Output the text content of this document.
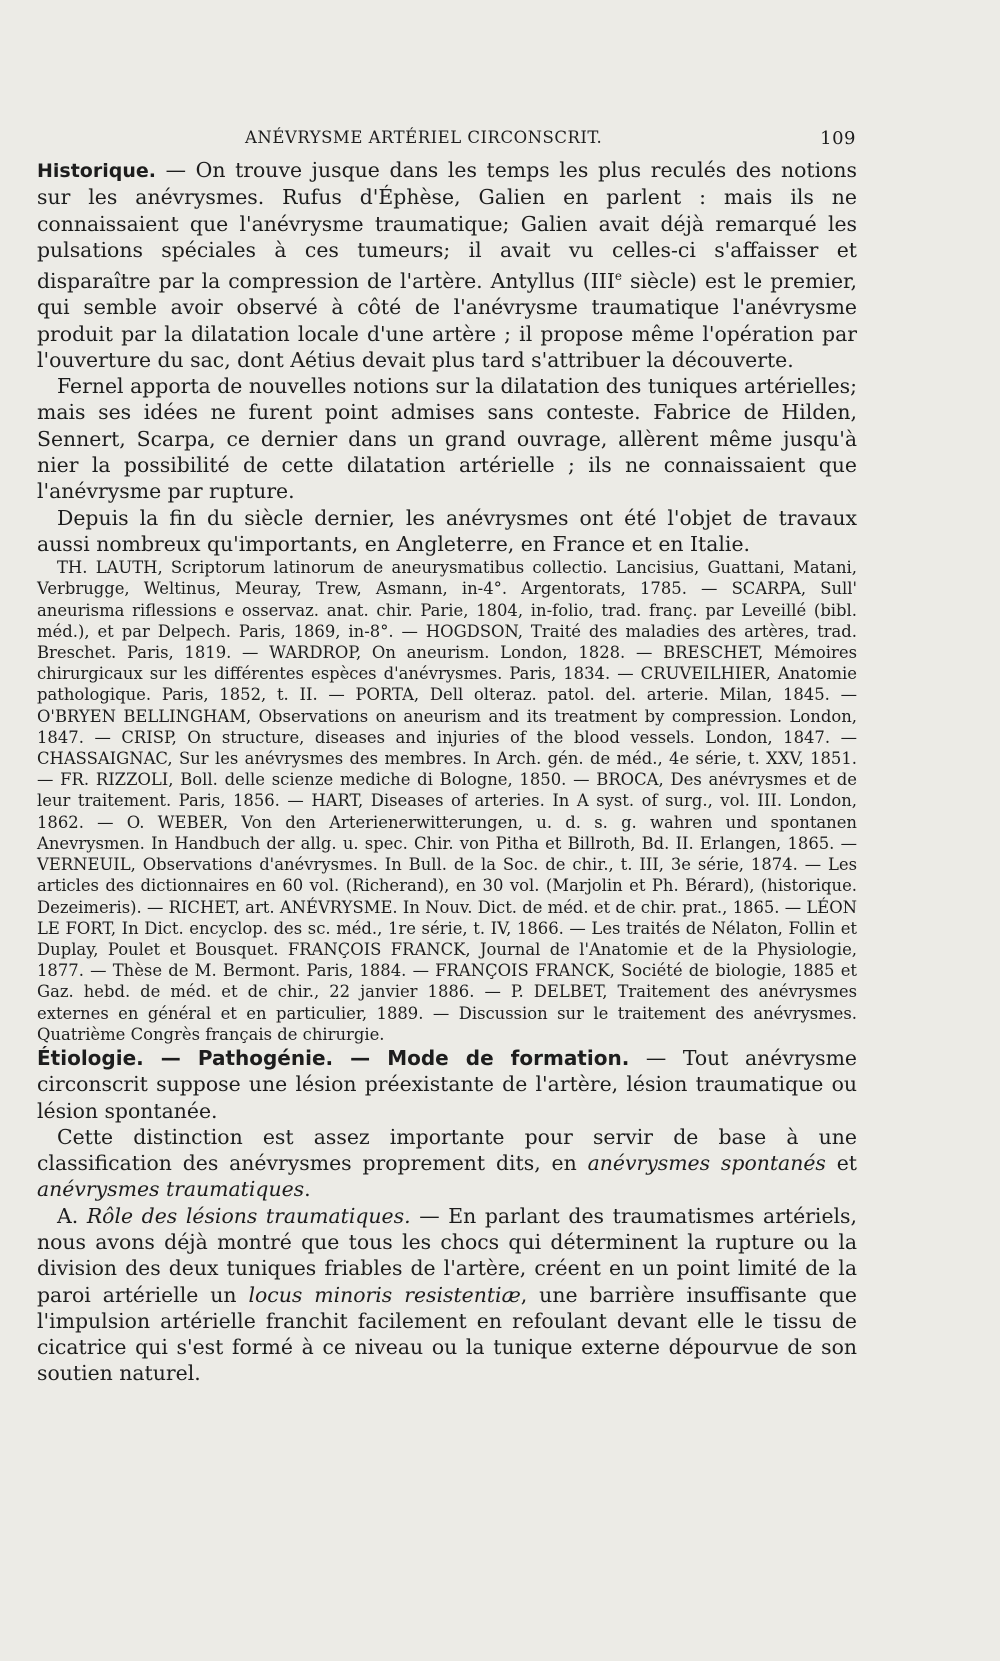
ANÉVRYSME ARTÉRIEL CIRCONSCRIT.	109

Historique. — On trouve jusque dans les temps les plus reculés des notions sur les anévrysmes. Rufus d'Éphèse, Galien en parlent : mais ils ne connaissaient que l'anévrysme traumatique; Galien avait déjà remarqué les pulsations spéciales à ces tumeurs; il avait vu celles-ci s'affaisser et disparaître par la compression de l'artère. Antyllus (IIIe siècle) est le premier, qui semble avoir observé à côté de l'anévrysme traumatique l'anévrysme produit par la dilatation locale d'une artère ; il propose même l'opération par l'ouverture du sac, dont Aétius devait plus tard s'attribuer la découverte.

Fernel apporta de nouvelles notions sur la dilatation des tuniques artérielles; mais ses idées ne furent point admises sans conteste. Fabrice de Hilden, Sennert, Scarpa, ce dernier dans un grand ouvrage, allèrent même jusqu'à nier la possibilité de cette dilatation artérielle ; ils ne connaissaient que l'anévrysme par rupture.

Depuis la fin du siècle dernier, les anévrysmes ont été l'objet de travaux aussi nombreux qu'importants, en Angleterre, en France et en Italie.

TH. LAUTH, Scriptorum latinorum de aneurysmatibus collectio. Lancisius, Guattani, Matani, Verbrugge, Weltinus, Meuray, Trew, Asmann, in-4°. Argentorats, 1785. — SCARPA, Sull' aneurisma riflessions e osservaz. anat. chir. Parie, 1804, in-folio, trad. franç. par Leveillé (bibl. méd.), et par Delpech. Paris, 1869, in-8°. — HOGDSON, Traité des maladies des artères, trad. Breschet. Paris, 1819. — WARDROP, On aneurism. London, 1828. — BRESCHET, Mémoires chirurgicaux sur les différentes espèces d'anévrysmes. Paris, 1834. — CRUVEILHIER, Anatomie pathologique. Paris, 1852, t. II. — PORTA, Dell olteraz. patol. del. arterie. Milan, 1845. — O'BRYEN BELLINGHAM, Observations on aneurism and its treatment by compression. London, 1847. — CRISP, On structure, diseases and injuries of the blood vessels. London, 1847. — CHASSAIGNAC, Sur les anévrysmes des membres. In Arch. gén. de méd., 4e série, t. XXV, 1851. — FR. RIZZOLI, Boll. delle scienze mediche di Bologne, 1850. — BROCA, Des anévrysmes et de leur traitement. Paris, 1856. — HART, Diseases of arteries. In A syst. of surg., vol. III. London, 1862. — O. WEBER, Von den Arterienerwitterungen, u. d. s. g. wahren und spontanen Anevrysmen. In Handbuch der allg. u. spec. Chir. von Pitha et Billroth, Bd. II. Erlangen, 1865. — VERNEUIL, Observations d'anévrysmes. In Bull. de la Soc. de chir., t. III, 3e série, 1874. — Les articles des dictionnaires en 60 vol. (Richerand), en 30 vol. (Marjolin et Ph. Bérard), (historique. Dezeimeris). — RICHET, art. ANÉVRYSME. In Nouv. Dict. de méd. et de chir. prat., 1865. — LÉON LE FORT, In Dict. encyclop. des sc. méd., 1re série, t. IV, 1866. — Les traités de Nélaton, Follin et Duplay, Poulet et Bousquet. FRANÇOIS FRANCK, Journal de l'Anatomie et de la Physiologie, 1877. — Thèse de M. Bermont. Paris, 1884. — FRANÇOIS FRANCK, Société de biologie, 1885 et Gaz. hebd. de méd. et de chir., 22 janvier 1886. — P. DELBET, Traitement des anévrysmes externes en général et en particulier, 1889. — Discussion sur le traitement des anévrysmes. Quatrième Congrès français de chirurgie.

Étiologie. — Pathogénie. — Mode de formation. — Tout anévrysme circonscrit suppose une lésion préexistante de l'artère, lésion traumatique ou lésion spontanée.

Cette distinction est assez importante pour servir de base à une classification des anévrysmes proprement dits, en anévrysmes spontanés et anévrysmes traumatiques.

A. Rôle des lésions traumatiques. — En parlant des traumatismes artériels, nous avons déjà montré que tous les chocs qui déterminent la rupture ou la division des deux tuniques friables de l'artère, créent en un point limité de la paroi artérielle un locus minoris resistentiæ, une barrière insuffisante que l'impulsion artérielle franchit facilement en refoulant devant elle le tissu de cicatrice qui s'est formé à ce niveau ou la tunique externe dépourvue de son soutien naturel.
